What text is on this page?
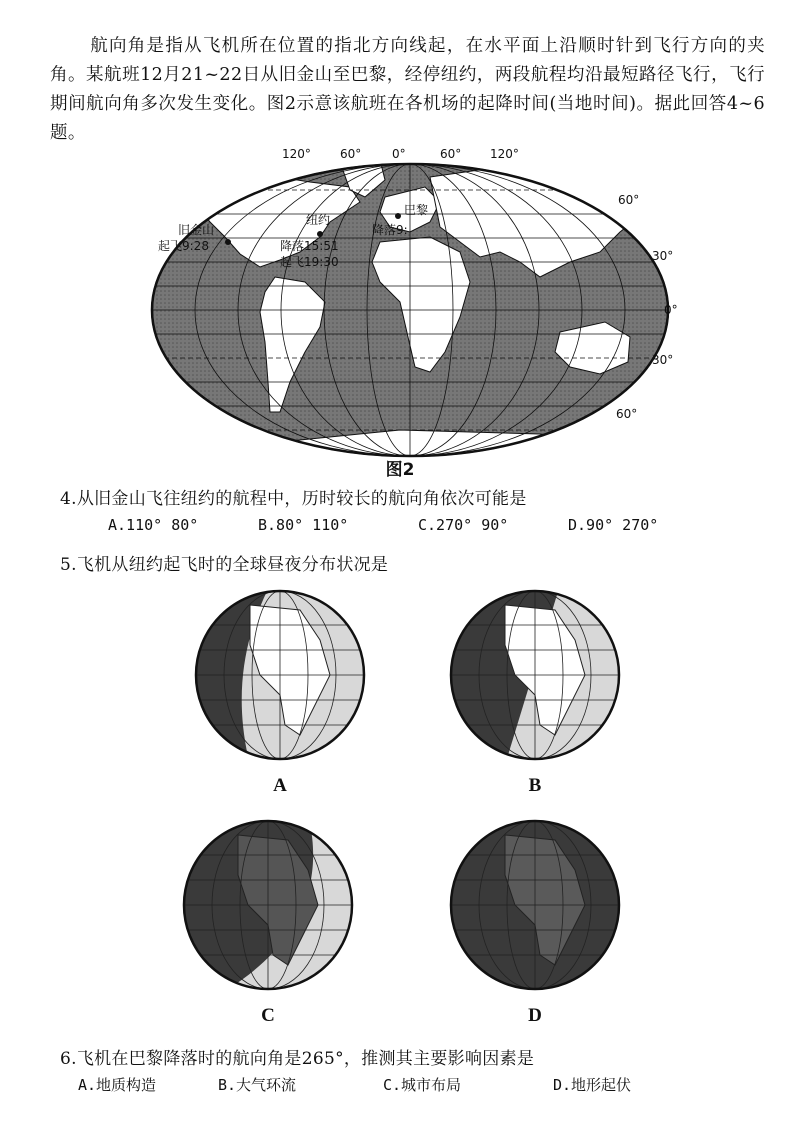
航向角是指从飞机所在位置的指北方向线起，在水平面上沿顺时针到飞行方向的夹角。某航班12月21~22日从旧金山至巴黎，经停纽约，两段航程均沿最短路径飞行，飞行期间航向角多次发生变化。图2示意该航班在各机场的起降时间(当地时间)。据此回答4~6题。
120° 60°	0°	60° 120°
60°
30°
0°
30°
60°
旧金山
起飞9:28
纽约
降落15:51
起飞19:30
巴黎
降落9:
图2
4.从旧金山飞往纽约的航程中，历时较长的航向角依次可能是
A.110° 80°	B.80° 110°	C.270° 90°	D.90° 270°
5.飞机从纽约起飞时的全球昼夜分布状况是
A	B
C	D
6.飞机在巴黎降落时的航向角是265°，推测其主要影响因素是
A.地质构造	B.大气环流	C.城市布局	D.地形起伏
